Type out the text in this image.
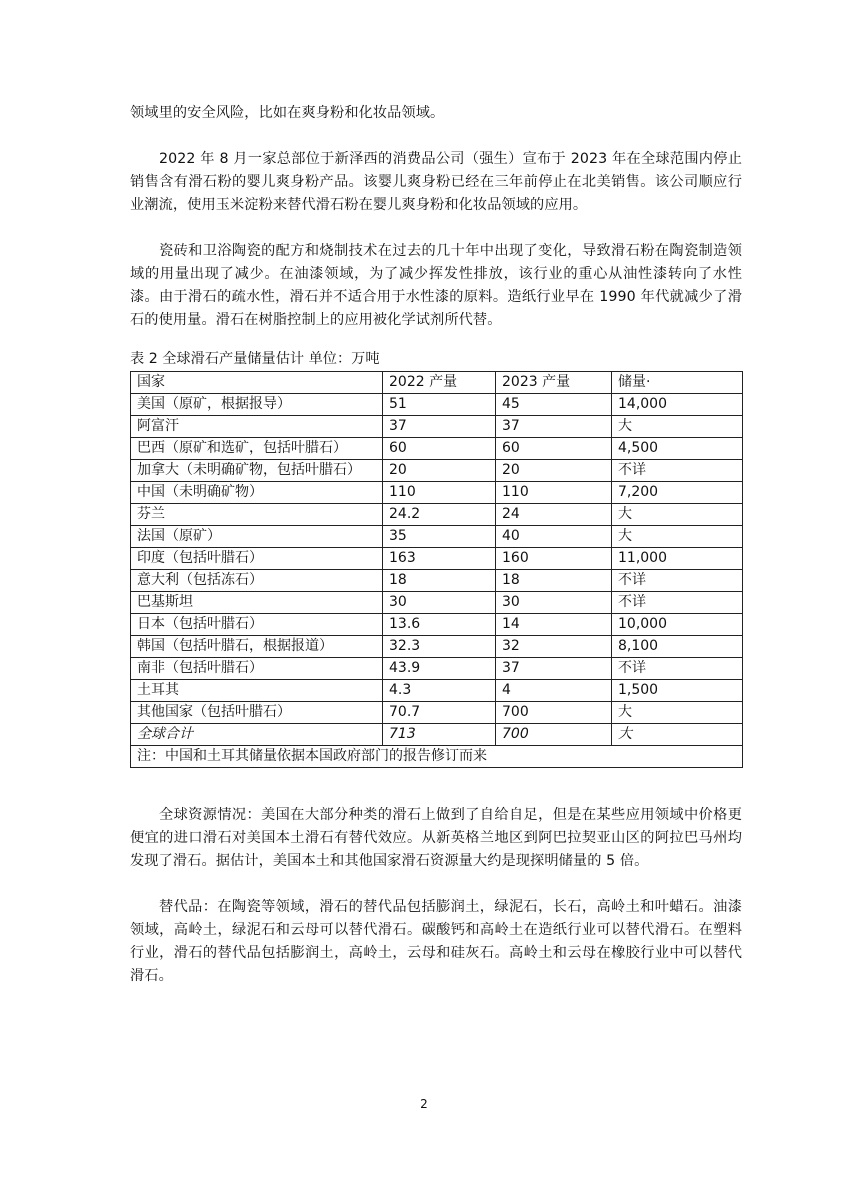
领域里的安全风险，比如在爽身粉和化妆品领域。

2022 年 8 月一家总部位于新泽西的消费品公司（强生）宣布于 2023 年在全球范围内停止销售含有滑石粉的婴儿爽身粉产品。该婴儿爽身粉已经在三年前停止在北美销售。该公司顺应行业潮流，使用玉米淀粉来替代滑石粉在婴儿爽身粉和化妆品领域的应用。

瓷砖和卫浴陶瓷的配方和烧制技术在过去的几十年中出现了变化，导致滑石粉在陶瓷制造领域的用量出现了减少。在油漆领域，为了减少挥发性排放，该行业的重心从油性漆转向了水性漆。由于滑石的疏水性，滑石并不适合用于水性漆的原料。造纸行业早在 1990 年代就减少了滑石的使用量。滑石在树脂控制上的应用被化学试剂所代替。

表 2 全球滑石产量储量估计 单位：万吨

国家	2022 产量	2023 产量	储量·
美国（原矿，根据报导）	51	45	14,000
阿富汗	37	37	大
巴西（原矿和选矿，包括叶腊石）	60	60	4,500
加拿大（未明确矿物，包括叶腊石）	20	20	不详
中国（未明确矿物）	110	110	7,200
芬兰	24.2	24	大
法国（原矿）	35	40	大
印度（包括叶腊石）	163	160	11,000
意大利（包括冻石）	18	18	不详
巴基斯坦	30	30	不详
日本（包括叶腊石）	13.6	14	10,000
韩国（包括叶腊石，根据报道）	32.3	32	8,100
南非（包括叶腊石）	43.9	37	不详
土耳其	4.3	4	1,500
其他国家（包括叶腊石）	70.7	700	大
全球合计	713	700	大
注：中国和土耳其储量依据本国政府部门的报告修订而来			

全球资源情况：美国在大部分种类的滑石上做到了自给自足，但是在某些应用领域中价格更便宜的进口滑石对美国本土滑石有替代效应。从新英格兰地区到阿巴拉契亚山区的阿拉巴马州均发现了滑石。据估计，美国本土和其他国家滑石资源量大约是现探明储量的 5 倍。

替代品：在陶瓷等领域，滑石的替代品包括膨润土，绿泥石，长石，高岭土和叶蜡石。油漆领域，高岭土，绿泥石和云母可以替代滑石。碳酸钙和高岭土在造纸行业可以替代滑石。在塑料行业，滑石的替代品包括膨润土，高岭土，云母和硅灰石。高岭土和云母在橡胶行业中可以替代滑石。

2
